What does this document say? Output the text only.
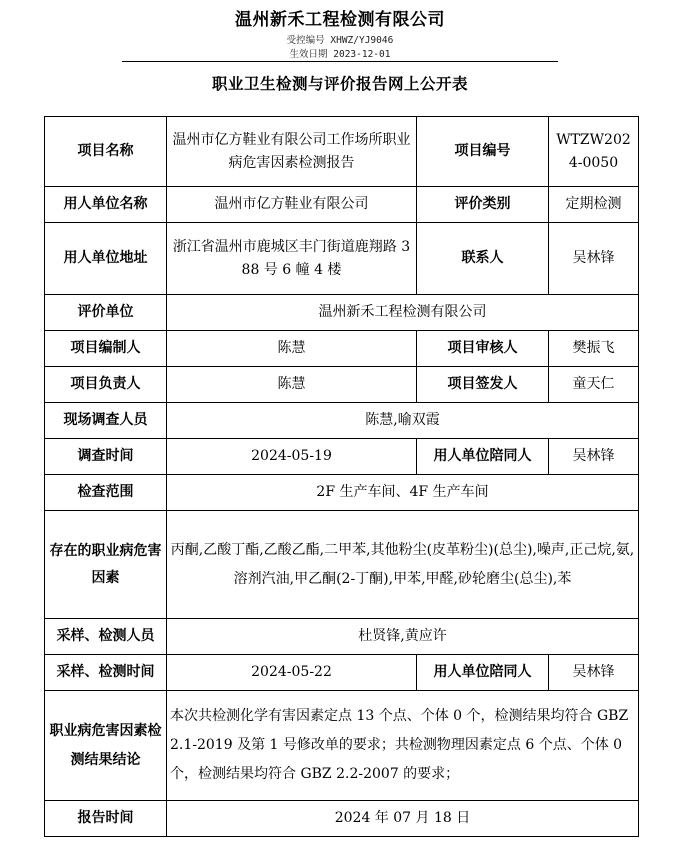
温州新禾工程检测有限公司
受控编号 XHWZ/YJ9046
生效日期 2023-12-01
职业卫生检测与评价报告网上公开表
项目名称	温州市亿方鞋业有限公司工作场所职业病危害因素检测报告	项目编号	WTZW2024-0050
用人单位名称	温州市亿方鞋业有限公司	评价类别	定期检测
用人单位地址	浙江省温州市鹿城区丰门街道鹿翔路 388 号 6 幢 4 楼	联系人	吴林锋
评价单位	温州新禾工程检测有限公司		
项目编制人	陈慧	项目审核人	樊振飞
项目负责人	陈慧	项目签发人	童天仁
现场调查人员	陈慧,喻双霞		
调查时间	2024-05-19	用人单位陪同人	吴林锋
检查范围	2F 生产车间、4F 生产车间		
存在的职业病危害因素	丙酮,乙酸丁酯,乙酸乙酯,二甲苯,其他粉尘(皮革粉尘)(总尘),噪声,正己烷,氨,溶剂汽油,甲乙酮(2-丁酮),甲苯,甲醛,砂轮磨尘(总尘),苯		
采样、检测人员	杜贤锋,黄应许		
采样、检测时间	2024-05-22	用人单位陪同人	吴林锋
职业病危害因素检测结果结论	本次共检测化学有害因素定点 13 个点、个体 0 个，检测结果均符合 GBZ 2.1-2019 及第 1 号修改单的要求；共检测物理因素定点 6 个点、个体 0 个，检测结果均符合 GBZ 2.2-2007 的要求；		
报告时间	2024 年 07 月 18 日		
